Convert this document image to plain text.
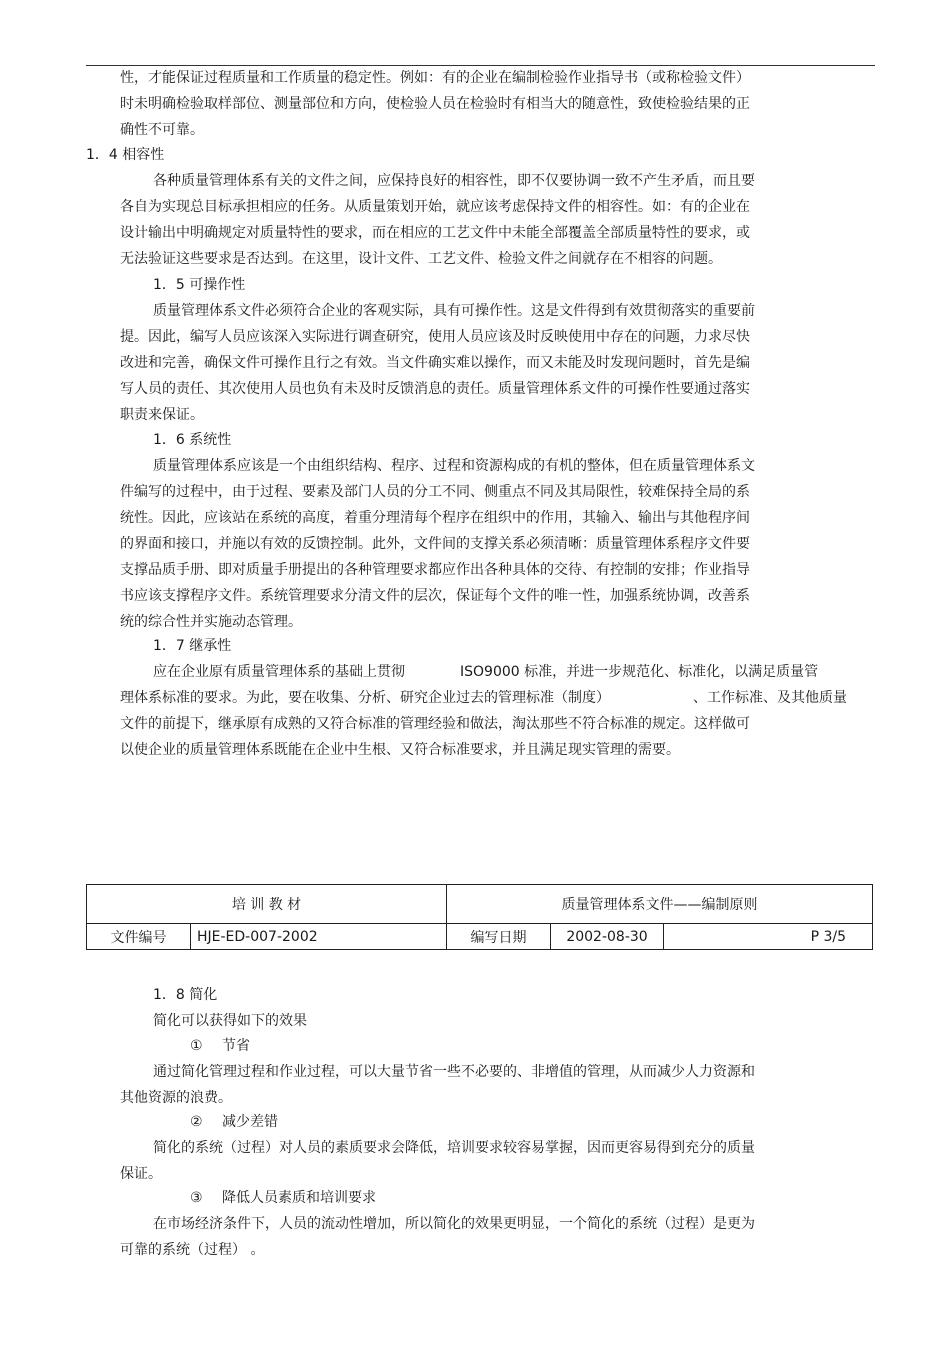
性，才能保证过程质量和工作质量的稳定性。例如：有的企业在编制检验作业指导书（或称检验文件）
时未明确检验取样部位、测量部位和方向，使检验人员在检验时有相当大的随意性，致使检验结果的正
确性不可靠。
1．4 相容性
各种质量管理体系有关的文件之间，应保持良好的相容性，即不仅要协调一致不产生矛盾，而且要
各自为实现总目标承担相应的任务。从质量策划开始，就应该考虑保持文件的相容性。如：有的企业在
设计输出中明确规定对质量特性的要求，而在相应的工艺文件中未能全部覆盖全部质量特性的要求，或
无法验证这些要求是否达到。在这里，设计文件、工艺文件、检验文件之间就存在不相容的问题。
1．5 可操作性
质量管理体系文件必须符合企业的客观实际，具有可操作性。这是文件得到有效贯彻落实的重要前
提。因此，编写人员应该深入实际进行调查研究，使用人员应该及时反映使用中存在的问题，力求尽快
改进和完善，确保文件可操作且行之有效。当文件确实难以操作，而又未能及时发现问题时，首先是编
写人员的责任、其次使用人员也负有未及时反馈消息的责任。质量管理体系文件的可操作性要通过落实
职责来保证。
1．6 系统性
质量管理体系应该是一个由组织结构、程序、过程和资源构成的有机的整体，但在质量管理体系文
件编写的过程中，由于过程、要素及部门人员的分工不同、侧重点不同及其局限性，较难保持全局的系
统性。因此，应该站在系统的高度，着重分理清每个程序在组织中的作用，其输入、输出与其他程序间
的界面和接口，并施以有效的反馈控制。此外，文件间的支撑关系必须清晰：质量管理体系程序文件要
支撑品质手册、即对质量手册提出的各种管理要求都应作出各种具体的交待、有控制的安排；作业指导
书应该支撑程序文件。系统管理要求分清文件的层次，保证每个文件的唯一性，加强系统协调，改善系
统的综合性并实施动态管理。
1．7 继承性
应在企业原有质量管理体系的基础上贯彻	ISO9000 标准，并进一步规范化、标准化，以满足质量管
理体系标准的要求。为此，要在收集、分析、研究企业过去的管理标准（制度）	、工作标准、及其他质量
文件的前提下，继承原有成熟的又符合标准的管理经验和做法，淘汰那些不符合标准的规定。这样做可
以使企业的质量管理体系既能在企业中生根、又符合标准要求，并且满足现实管理的需要。
培 训 教 材		质量管理体系文件——编制原则		
文件编号	HJE-ED-007-2002	编写日期	2002-08-30	P 3/5
1．8 简化
简化可以获得如下的效果
① 节省
通过简化管理过程和作业过程，可以大量节省一些不必要的、非增值的管理，从而减少人力资源和
其他资源的浪费。
② 减少差错
简化的系统（过程）对人员的素质要求会降低，培训要求较容易掌握，因而更容易得到充分的质量
保证。
③ 降低人员素质和培训要求
在市场经济条件下，人员的流动性增加，所以简化的效果更明显，一个简化的系统（过程）是更为
可靠的系统（过程） 。
